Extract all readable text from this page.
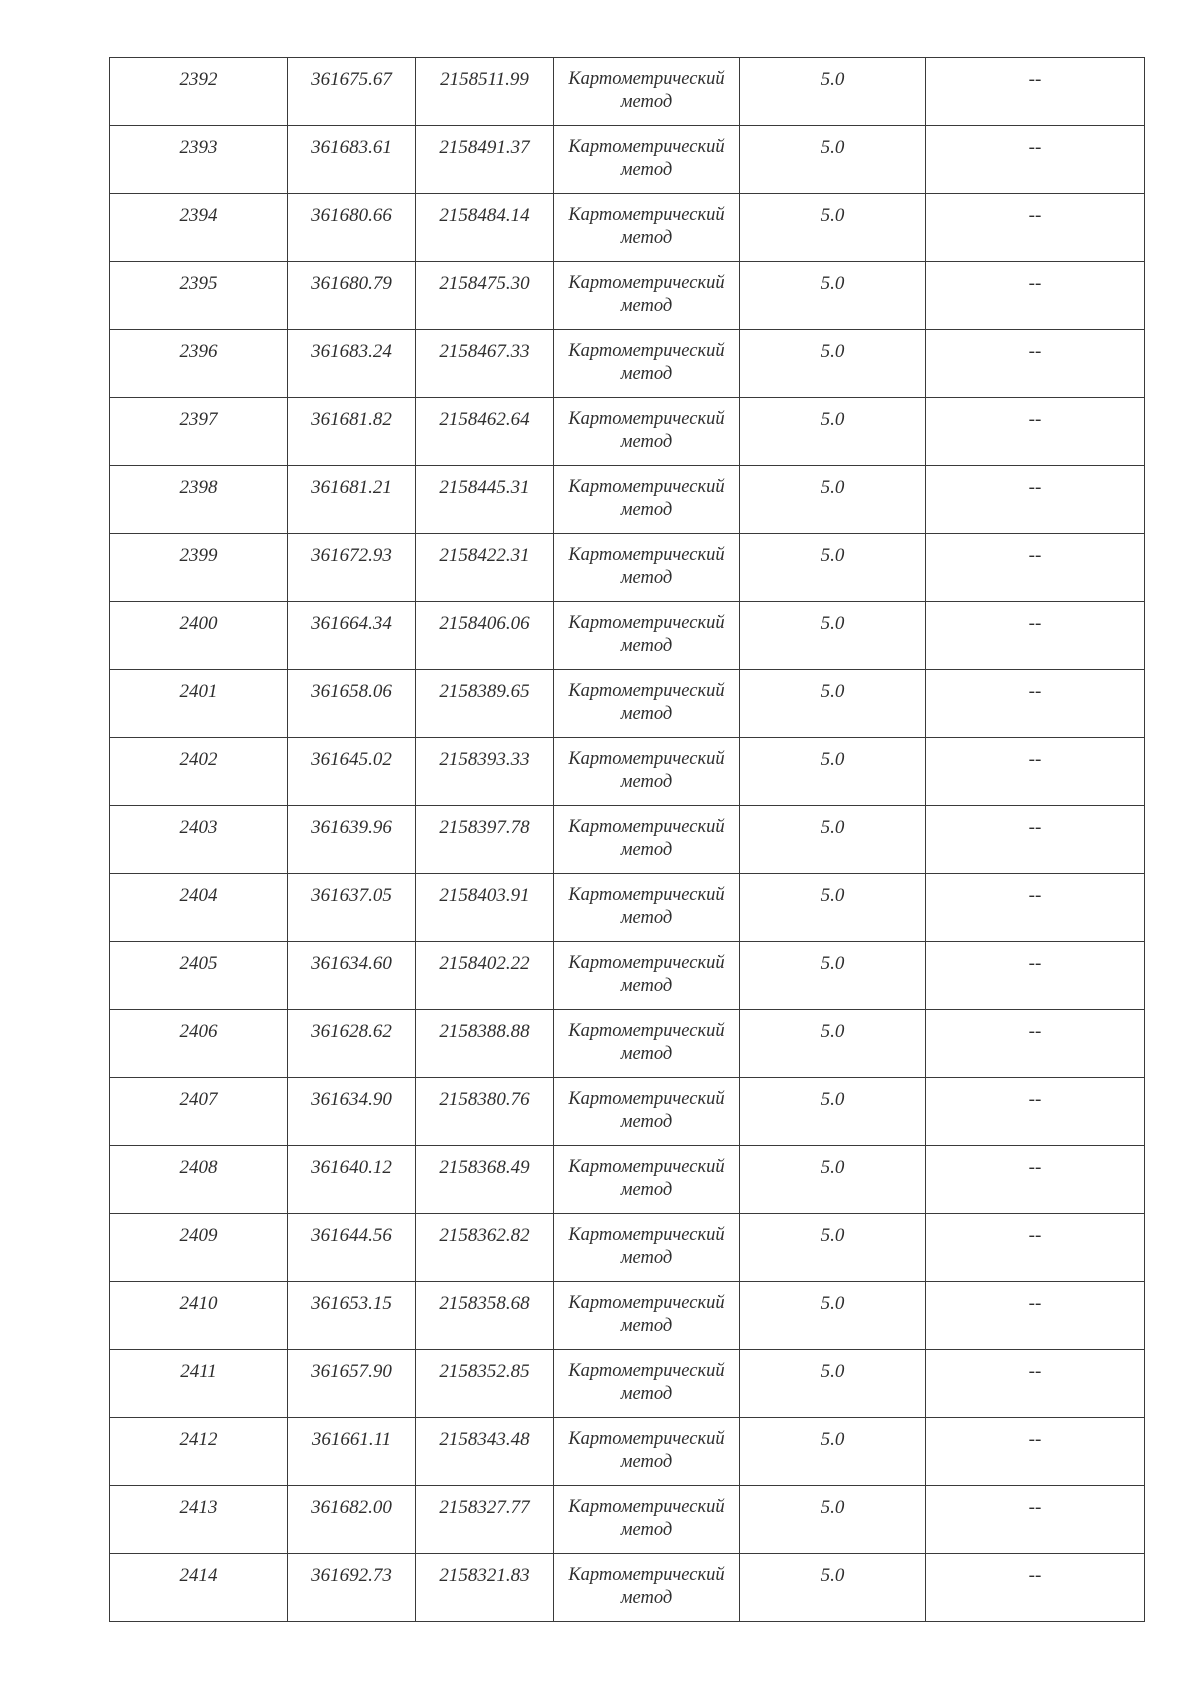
2392	361675.67	2158511.99	Картометрический
метод	5.0	--

2393	361683.61	2158491.37	Картометрический
метод	5.0	--

2394	361680.66	2158484.14	Картометрический
метод	5.0	--

2395	361680.79	2158475.30	Картометрический
метод	5.0	--

2396	361683.24	2158467.33	Картометрический
метод	5.0	--

2397	361681.82	2158462.64	Картометрический
метод	5.0	--

2398	361681.21	2158445.31	Картометрический
метод	5.0	--

2399	361672.93	2158422.31	Картометрический
метод	5.0	--

2400	361664.34	2158406.06	Картометрический
метод	5.0	--

2401	361658.06	2158389.65	Картометрический
метод	5.0	--

2402	361645.02	2158393.33	Картометрический
метод	5.0	--

2403	361639.96	2158397.78	Картометрический
метод	5.0	--

2404	361637.05	2158403.91	Картометрический
метод	5.0	--

2405	361634.60	2158402.22	Картометрический
метод	5.0	--

2406	361628.62	2158388.88	Картометрический
метод	5.0	--

2407	361634.90	2158380.76	Картометрический
метод	5.0	--

2408	361640.12	2158368.49	Картометрический
метод	5.0	--

2409	361644.56	2158362.82	Картометрический
метод	5.0	--

2410	361653.15	2158358.68	Картометрический
метод	5.0	--

2411	361657.90	2158352.85	Картометрический
метод	5.0	--

2412	361661.11	2158343.48	Картометрический
метод	5.0	--

2413	361682.00	2158327.77	Картометрический
метод	5.0	--

2414	361692.73	2158321.83	Картометрический
метод	5.0	--
